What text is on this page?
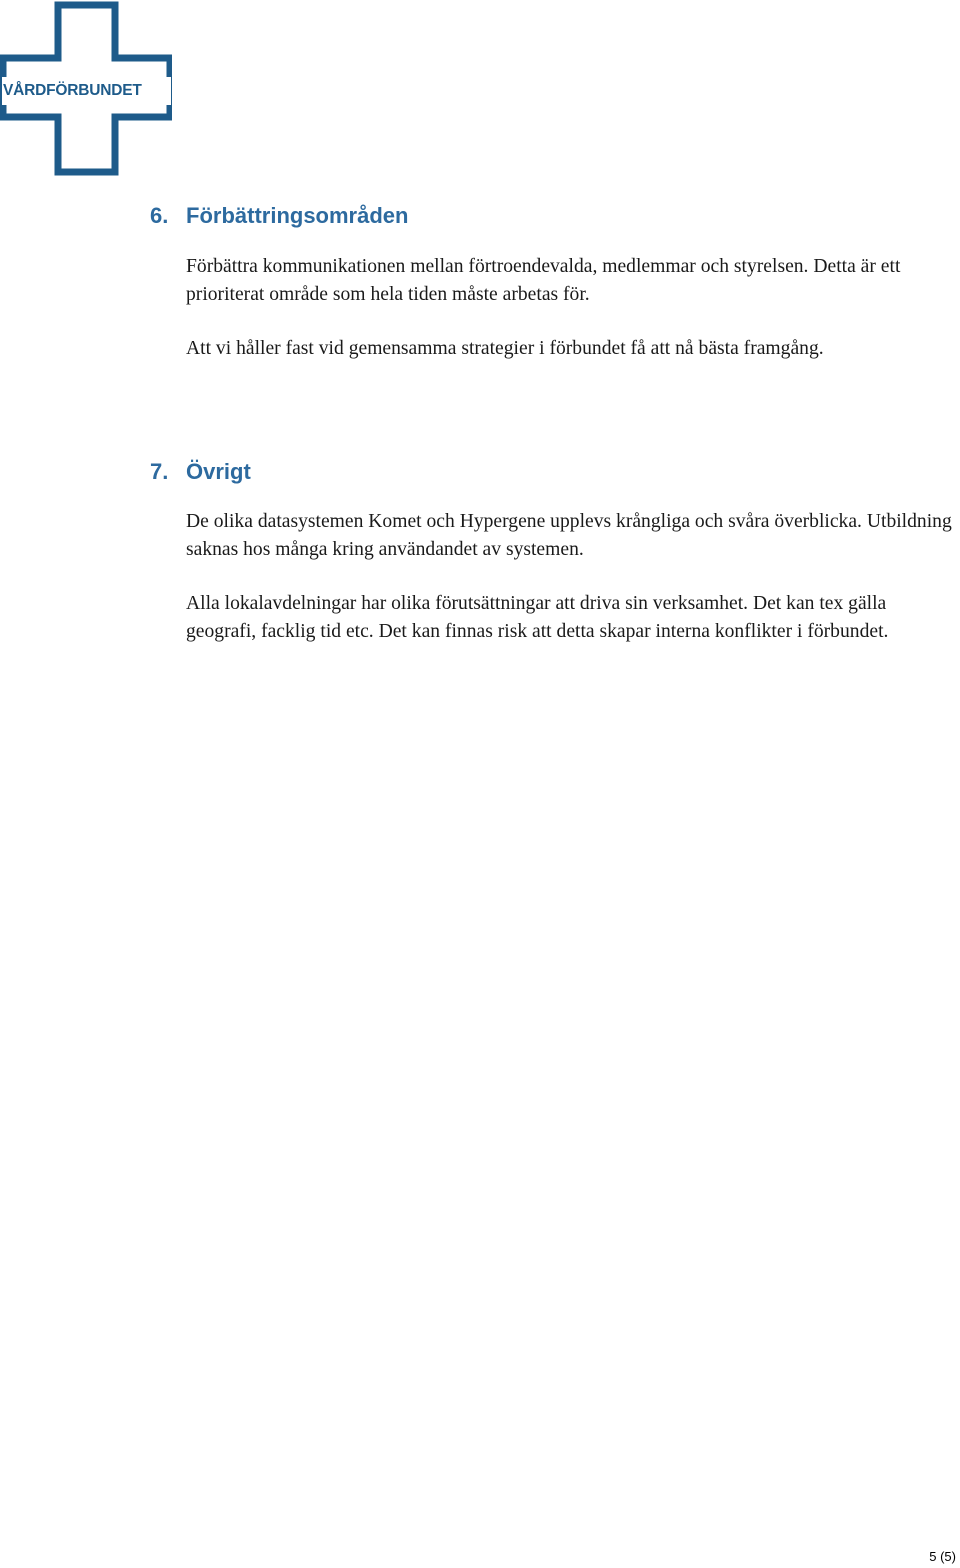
VÅRDFÖRBUNDET
6. Förbättringsområden

Förbättra kommunikationen mellan förtroendevalda, medlemmar och styrelsen. Detta är ett prioriterat område som hela tiden måste arbetas för.

Att vi håller fast vid gemensamma strategier i förbundet få att nå bästa framgång.

7. Övrigt

De olika datasystemen Komet och Hypergene upplevs krångliga och svåra överblicka. Utbildning saknas hos många kring användandet av systemen.

Alla lokalavdelningar har olika förutsättningar att driva sin verksamhet. Det kan tex gälla geografi, facklig tid etc. Det kan finnas risk att detta skapar interna konflikter i förbundet.

5 (5)
